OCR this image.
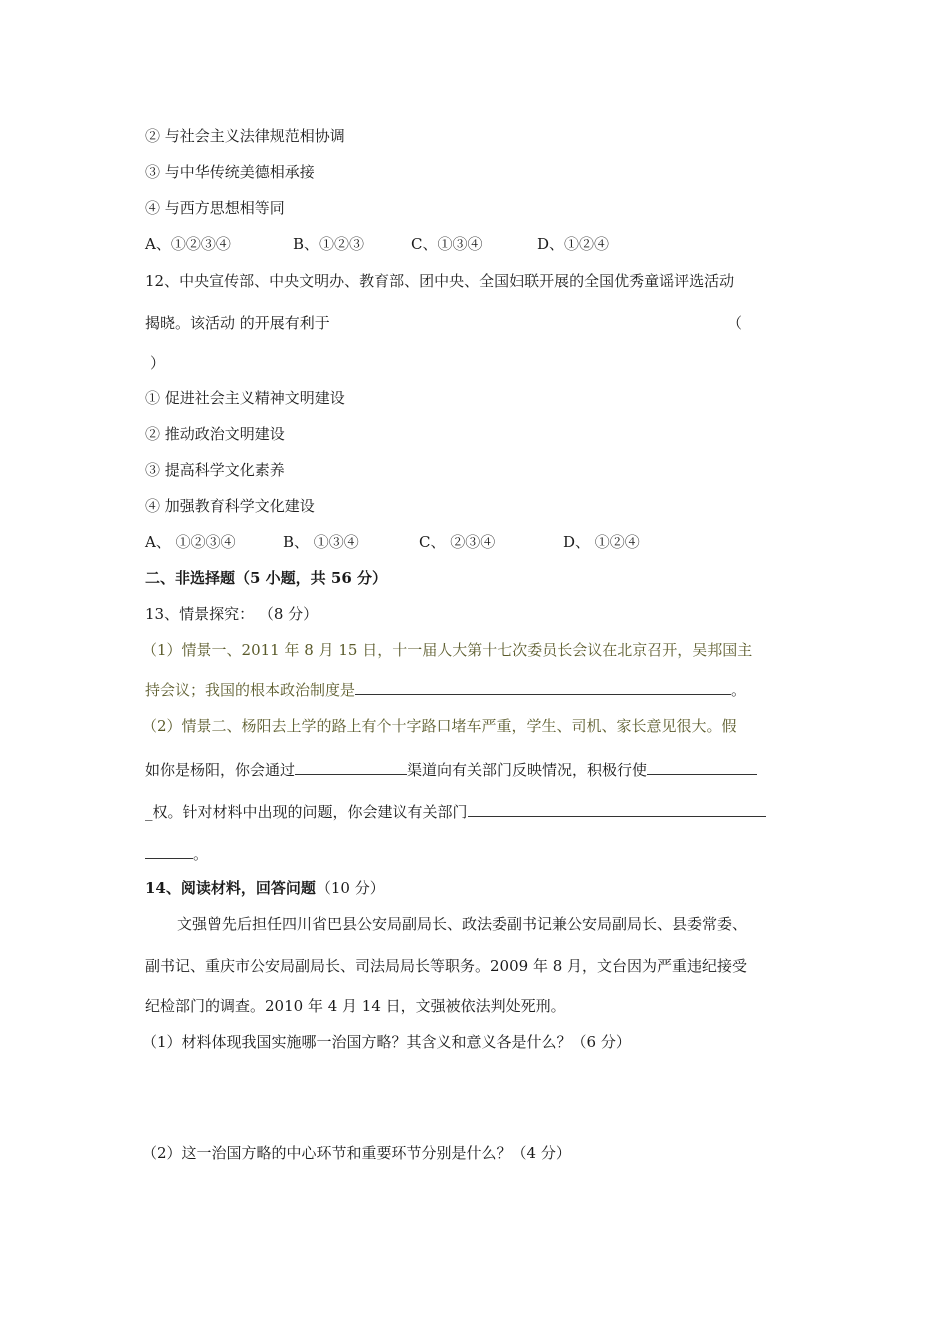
② 与社会主义法律规范相协调
③ 与中华传统美德相承接
④ 与西方思想相等同
A、①②③④	B、①②③	C、①③④	D、①②④
12、中央宣传部、中央文明办、教育部、团中央、全国妇联开展的全国优秀童谣评选活动
揭晓。该活动 的开展有利于	（
）
① 促进社会主义精神文明建设
② 推动政治文明建设
③ 提高科学文化素养
④ 加强教育科学文化建设
A、 ①②③④	B、 ①③④	C、 ②③④	D、 ①②④
二、非选择题（5 小题，共 56 分）
13、情景探究： （8 分）
（1）情景一、2011 年 8 月 15 日，十一届人大第十七次委员长会议在北京召开，吴邦国主
持会议；我国的根本政治制度是	。
（2）情景二、杨阳去上学的路上有个十字路口堵车严重，学生、司机、家长意见很大。假
如你是杨阳，你会通过	渠道向有关部门反映情况，积极行使
_权。针对材料中出现的问题，你会建议有关部门
。
14、阅读材料，回答问题（10 分）
文强曾先后担任四川省巴县公安局副局长、政法委副书记兼公安局副局长、县委常委、
副书记、重庆市公安局副局长、司法局局长等职务。2009 年 8 月，文台因为严重违纪接受
纪检部门的调查。2010 年 4 月 14 日，文强被依法判处死刑。
（1）材料体现我国实施哪一治国方略？其含义和意义各是什么？（6 分）
（2）这一治国方略的中心环节和重要环节分别是什么？（4 分）
